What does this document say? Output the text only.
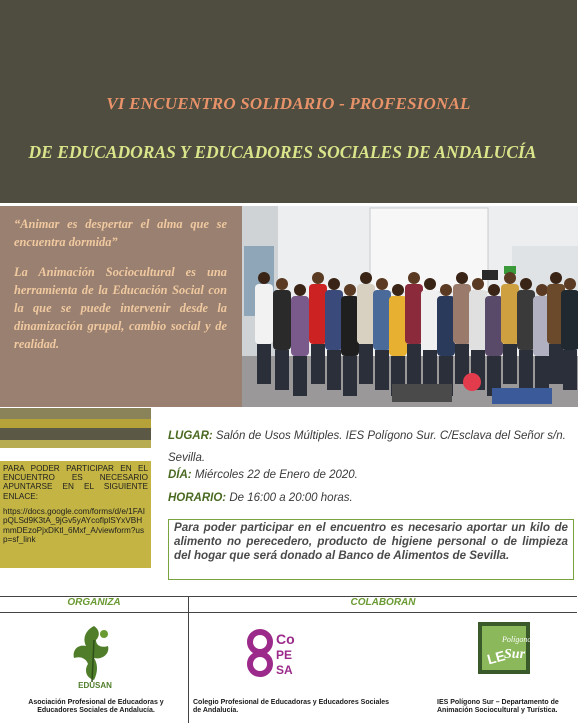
VI ENCUENTRO SOLIDARIO - PROFESIONAL
DE EDUCADORAS Y EDUCADORES SOCIALES DE ANDALUCÍA

“Animar es despertar el alma que se encuentra dormida”

La Animación Sociocultural es una herramienta de la Educación Social con la que se puede intervenir desde la dinamización grupal, cambio social y de realidad.

PARA PODER PARTICIPAR EN EL ENCUENTRO ES NECESARIO APUNTARSE EN EL SIGUIENTE ENLACE:
https://docs.google.com/forms/d/e/1FAIpQLSd9K3tA_9jGv5yAYcoflplSYxVBHmmDEzoPjxDKtl_6Mxf_A/viewform?usp=sf_link
LUGAR: Salón de Usos Múltiples. IES Polígono Sur. C/Esclava del Señor s/n. Sevilla.
DÍA: Miércoles 22 de Enero de 2020.
HORARIO: De 16:00 a 20:00 horas.
Para poder participar en el encuentro es necesario aportar un kilo de alimento no perecedero, producto de higiene personal o de limpieza del hogar que será donado al Banco de Alimentos de Sevilla.
ORGANIZA	COLABORAN
EDUSAN
Asociación Profesional de Educadoras y Educadores Sociales de Andalucía.
Co
PE
SA
Colegio Profesional de Educadoras y Educadores Sociales de Andalucía.
LE
Polígono
Sur
IES Polígono Sur – Departamento de Animación Sociocultural y Turística.
